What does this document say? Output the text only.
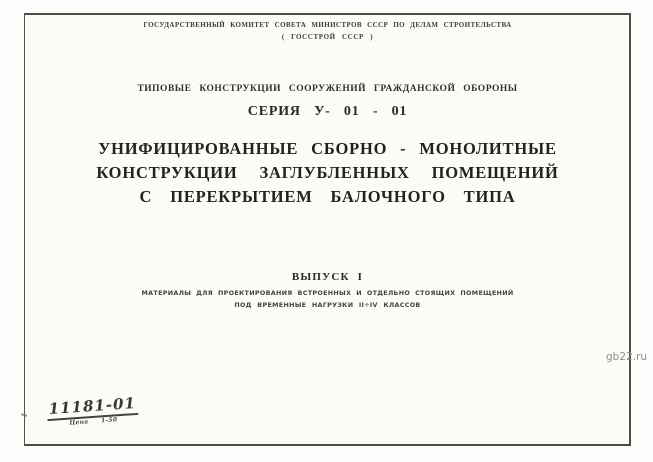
ГОСУДАРСТВЕННЫЙ КОМИТЕТ СОВЕТА МИНИСТРОВ СССР ПО ДЕЛАМ СТРОИТЕЛЬСТВА
( ГОССТРОЙ СССР )
ТИПОВЫЕ КОНСТРУКЦИИ СООРУЖЕНИЙ ГРАЖДАНСКОЙ ОБОРОНЫ
СЕРИЯ У- 01 - 01
УНИФИЦИРОВАННЫЕ СБОРНО - МОНОЛИТНЫЕ
КОНСТРУКЦИИ ЗАГЛУБЛЕННЫХ ПОМЕЩЕНИЙ
С ПЕРЕКРЫТИЕМ БАЛОЧНОГО ТИПА
ВЫПУСК I
МАТЕРИАЛЫ ДЛЯ ПРОЕКТИРОВАНИЯ ВСТРОЕННЫХ И ОТДЕЛЬНО СТОЯЩИХ ПОМЕЩЕНИЙ
ПОД ВРЕМЕННЫЕ НАГРУЗКИ II÷IV КЛАССОВ
11181-01
Цена 1-50
gb22.ru
